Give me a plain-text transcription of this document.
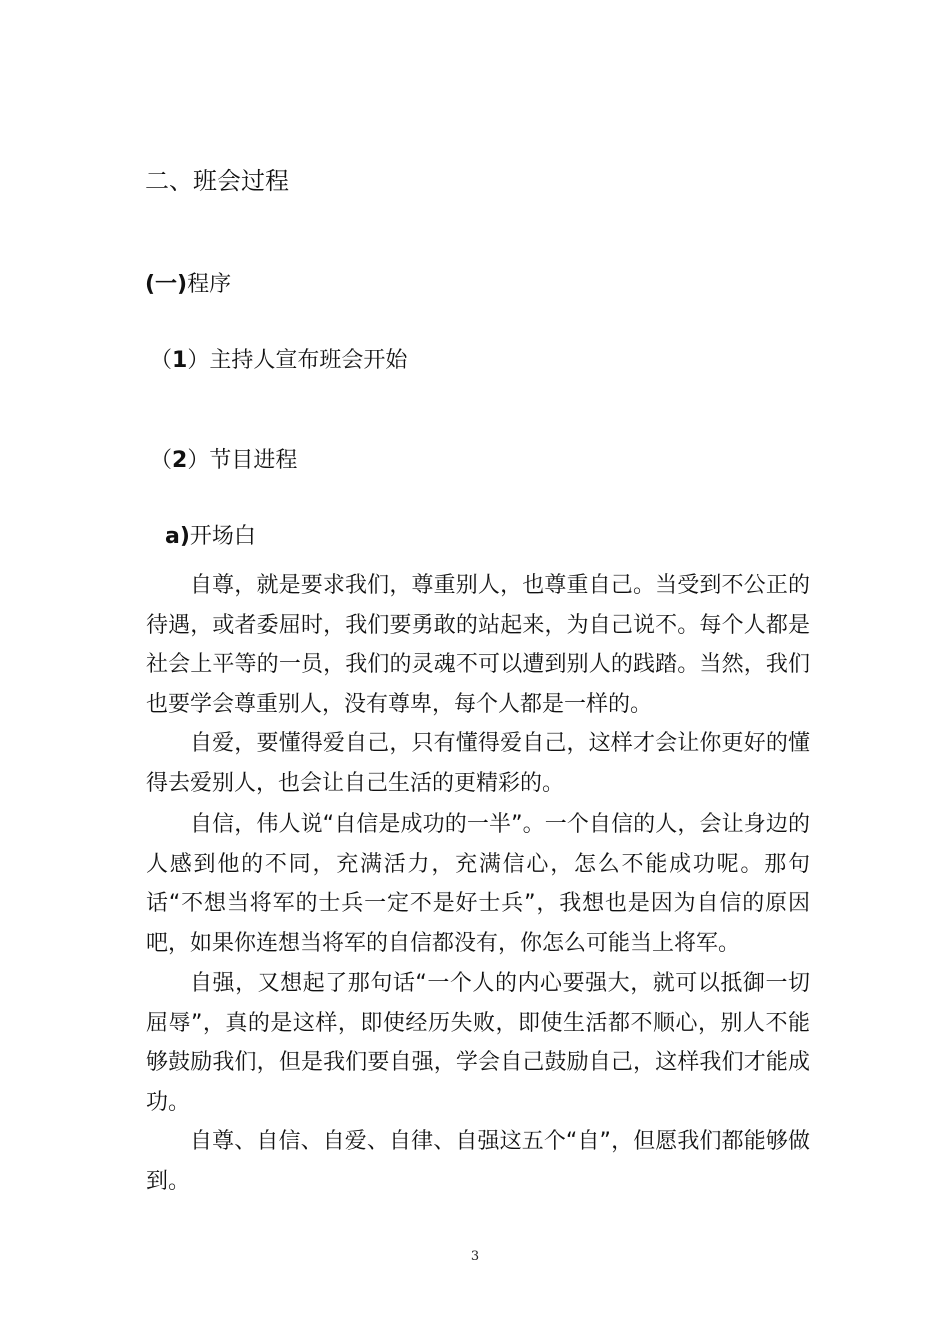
二、班会过程
(一)程序
（1）主持人宣布班会开始
（2）节目进程
a)开场白

自尊，就是要求我们，尊重别人，也尊重自己。当受到不公正的待遇，或者委屈时，我们要勇敢的站起来，为自己说不。每个人都是社会上平等的一员，我们的灵魂不可以遭到别人的践踏。当然，我们也要学会尊重别人，没有尊卑，每个人都是一样的。

自爱，要懂得爱自己，只有懂得爱自己，这样才会让你更好的懂得去爱别人，也会让自己生活的更精彩的。

自信，伟人说“自信是成功的一半”。一个自信的人，会让身边的人感到他的不同，充满活力，充满信心，怎么不能成功呢。那句话“不想当将军的士兵一定不是好士兵”，我想也是因为自信的原因吧，如果你连想当将军的自信都没有，你怎么可能当上将军。

自强，又想起了那句话“一个人的内心要强大，就可以抵御一切屈辱”，真的是这样，即使经历失败，即使生活都不顺心，别人不能够鼓励我们，但是我们要自强，学会自己鼓励自己，这样我们才能成功。

自尊、自信、自爱、自律、自强这五个“自”，但愿我们都能够做到。

3
